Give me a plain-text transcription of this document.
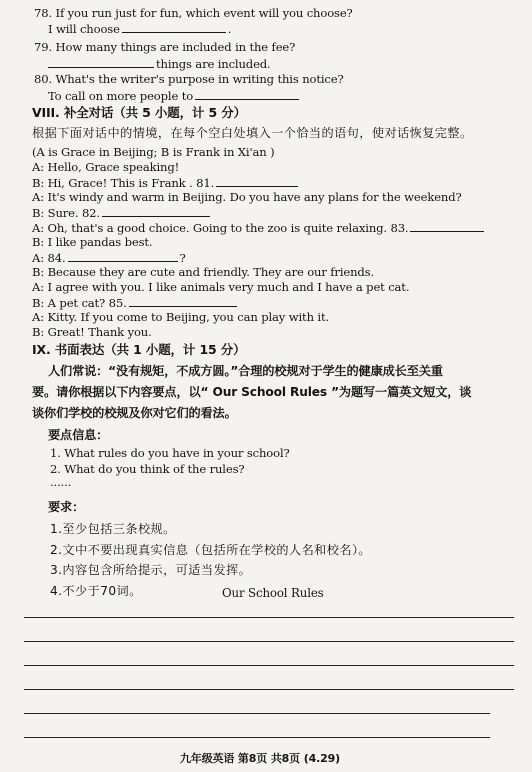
78. If you run just for fun, which event will you choose?
I will choose	.
79. How many things are included in the fee?
things are included.
80. What's the writer's purpose in writing this notice?
To call on more people to
VIII. 补全对话（共 5 小题，计 5 分）
根据下面对话中的情境，在每个空白处填入一个恰当的语句，使对话恢复完整。
(A is Grace in Beijing; B is Frank in Xi'an )
A: Hello, Grace speaking!
B: Hi, Grace! This is Frank . 81.
A: It's windy and warm in Beijing. Do you have any plans for the weekend?
B: Sure. 82.
A: Oh, that's a good choice. Going to the zoo is quite relaxing. 83.
B: I like pandas best.
A: 84.	?
B: Because they are cute and friendly. They are our friends.
A: I agree with you. I like animals very much and I have a pet cat.
B: A pet cat? 85.
A: Kitty. If you come to Beijing, you can play with it.
B: Great! Thank you.
IX. 书面表达（共 1 小题，计 15 分）
人们常说：“没有规矩，不成方圆。”合理的校规对于学生的健康成长至关重
要。请你根据以下内容要点，以“ Our School Rules ”为题写一篇英文短文，谈
谈你们学校的校规及你对它们的看法。
要点信息：
1. What rules do you have in your school?
2. What do you think of the rules?
......
要求：
1.至少包括三条校规。
2.文中不要出现真实信息（包括所在学校的人名和校名）。
3.内容包含所给提示，可适当发挥。
4.不少于70词。	Our School Rules
九年级英语 第8页 共8页 (4.29)
